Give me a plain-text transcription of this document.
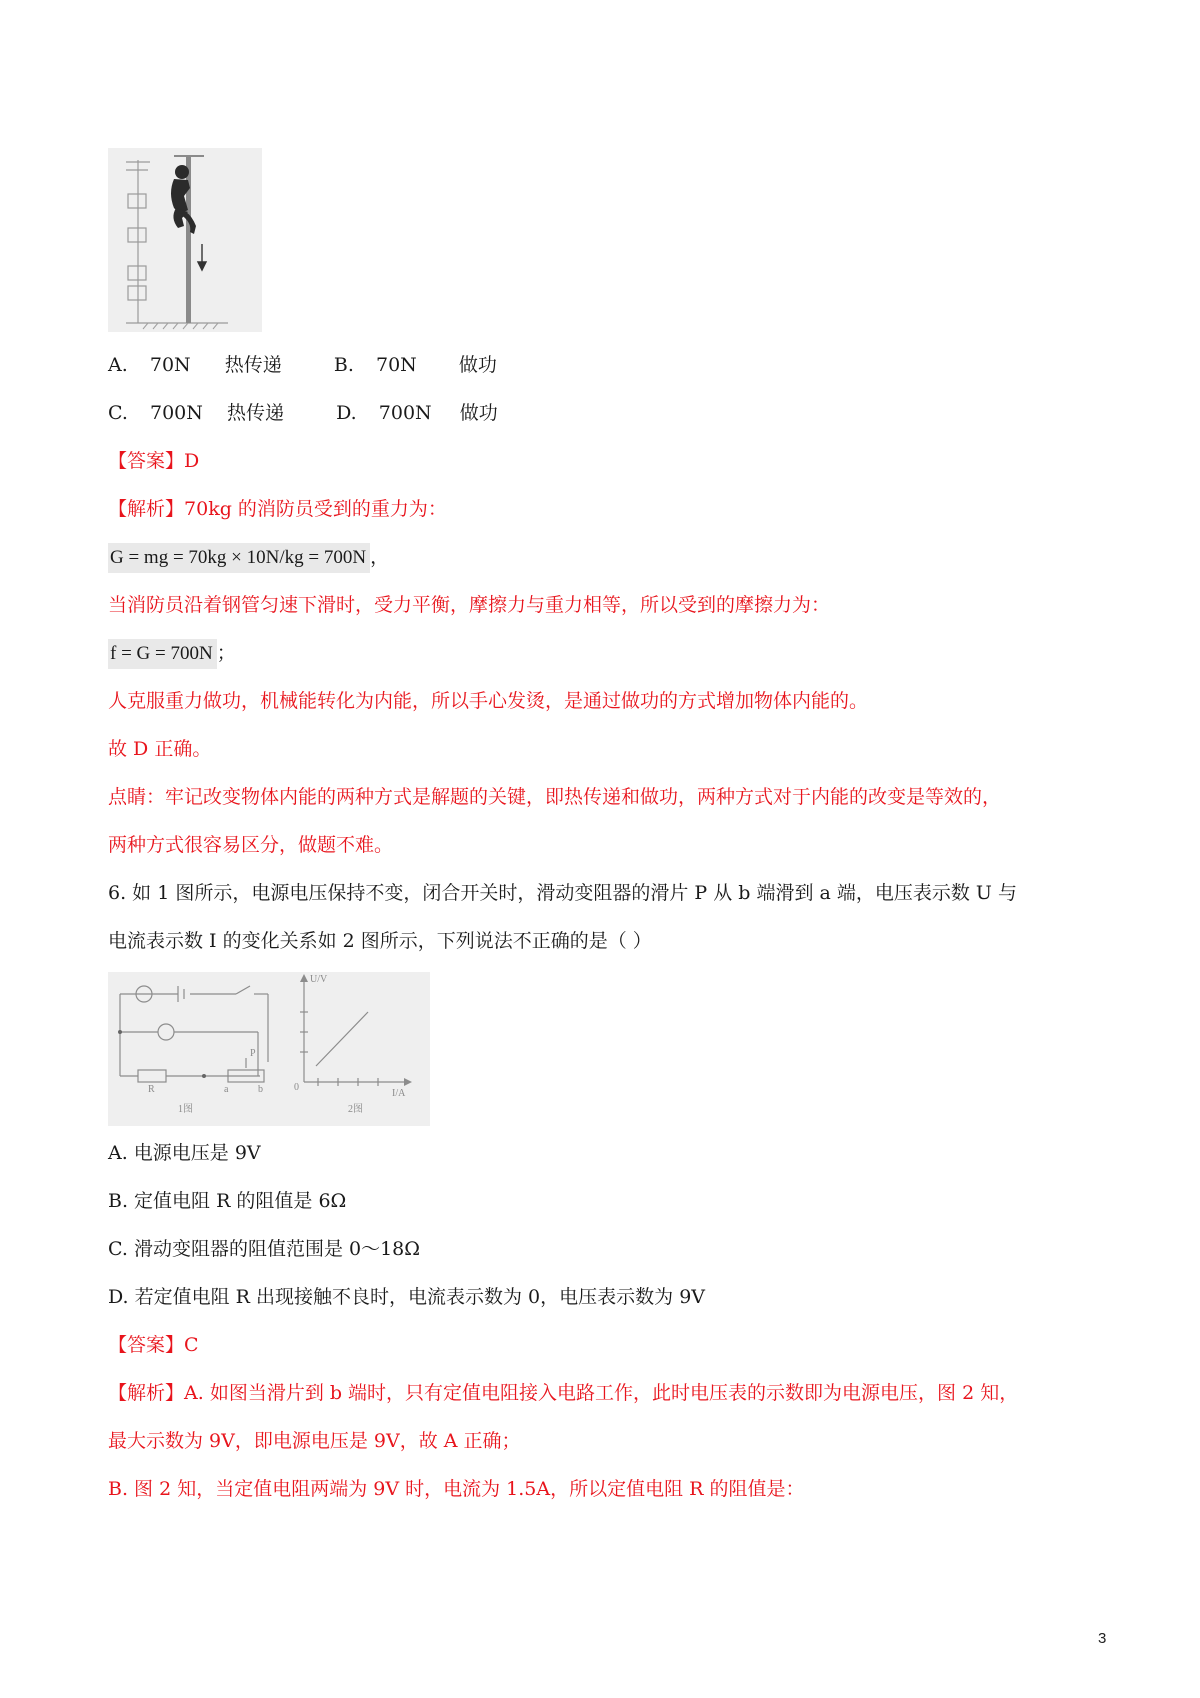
A. 70N 热传递	B. 70N 做功
C. 700N 热传递	D. 700N 做功
【答案】D
【解析】70kg 的消防员受到的重力为：
G = mg = 70kg × 10N/kg = 700N ，
当消防员沿着钢管匀速下滑时，受力平衡，摩擦力与重力相等，所以受到的摩擦力为：
f = G = 700N ；
人克服重力做功，机械能转化为内能，所以手心发烫，是通过做功的方式增加物体内能的。
故 D 正确。
点睛：牢记改变物体内能的两种方式是解题的关键，即热传递和做功，两种方式对于内能的改变是等效的，
两种方式很容易区分，做题不难。
6. 如 1 图所示，电源电压保持不变，闭合开关时，滑动变阻器的滑片 P 从 b 端滑到 a 端，电压表示数 U 与
电流表示数 I 的变化关系如 2 图所示，下列说法不正确的是（ ）
R	a	b
P
U/V
I/A
0
1图	2图
A. 电源电压是 9V
B. 定值电阻 R 的阻值是 6Ω
C. 滑动变阻器的阻值范围是 0～18Ω
D. 若定值电阻 R 出现接触不良时，电流表示数为 0，电压表示数为 9V
【答案】C
【解析】A. 如图当滑片到 b 端时，只有定值电阻接入电路工作，此时电压表的示数即为电源电压，图 2 知，
最大示数为 9V，即电源电压是 9V，故 A 正确；
B. 图 2 知，当定值电阻两端为 9V 时，电流为 1.5A，所以定值电阻 R 的阻值是：
3
